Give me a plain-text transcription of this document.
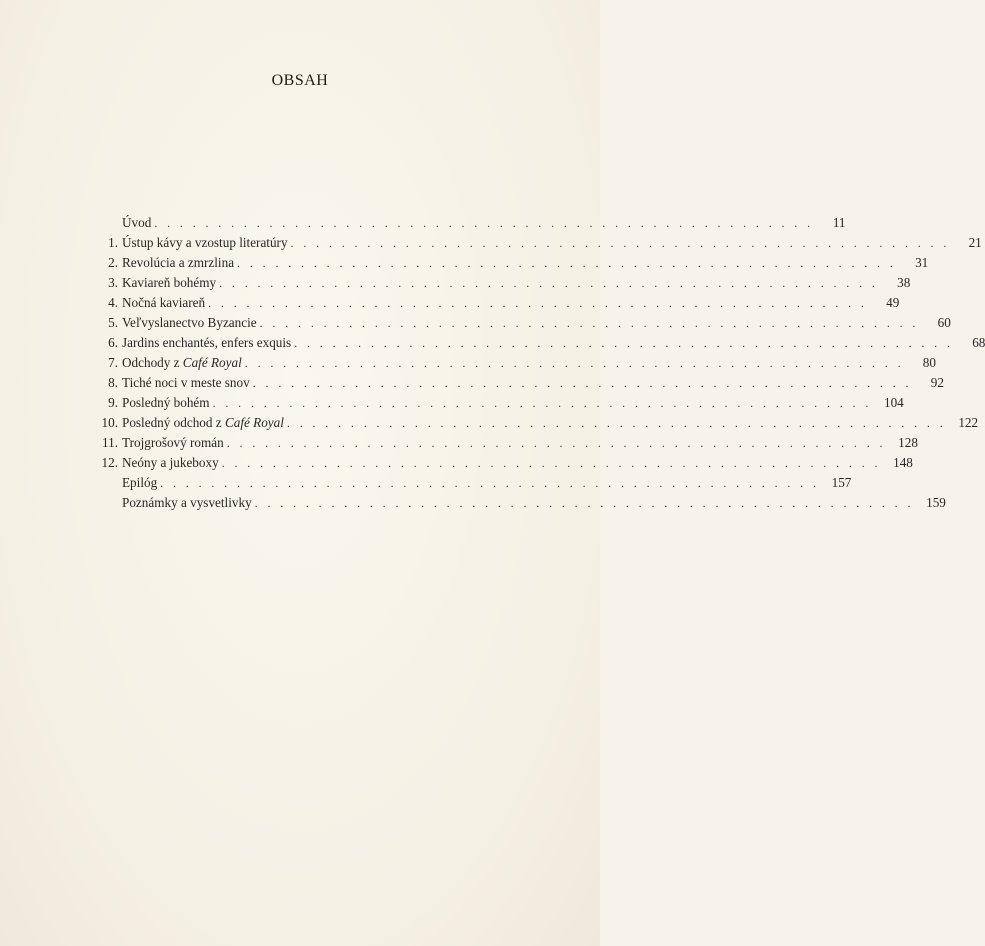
OBSAH
Úvod . . . . . . . . . . . . . . . . . . . . . . . . . . . . . . . . . . . . . . . . . . . . . . . . . . . .	11
1. Ústup kávy a vzostup literatúry . . . . . . . . . . . . . . . . . . . . . . . . . . . . . . . . . . . . . . . . . . . . . . . . . . . .	21
2. Revolúcia a zmrzlina . . . . . . . . . . . . . . . . . . . . . . . . . . . . . . . . . . . . . . . . . . . . . . . . . . . .	31
3. Kaviareň bohémy . . . . . . . . . . . . . . . . . . . . . . . . . . . . . . . . . . . . . . . . . . . . . . . . . . . .	38
4. Nočná kaviareň . . . . . . . . . . . . . . . . . . . . . . . . . . . . . . . . . . . . . . . . . . . . . . . . . . . .	49
5. Veľvyslanectvo Byzancie . . . . . . . . . . . . . . . . . . . . . . . . . . . . . . . . . . . . . . . . . . . . . . . . . . . .	60
6. Jardins enchantés, enfers exquis . . . . . . . . . . . . . . . . . . . . . . . . . . . . . . . . . . . . . . . . . . . . . . . . . . . .	68
7. Odchody z Café Royal . . . . . . . . . . . . . . . . . . . . . . . . . . . . . . . . . . . . . . . . . . . . . . . . . . . .	80
8. Tiché noci v meste snov . . . . . . . . . . . . . . . . . . . . . . . . . . . . . . . . . . . . . . . . . . . . . . . . . . . .	92
9. Posledný bohém . . . . . . . . . . . . . . . . . . . . . . . . . . . . . . . . . . . . . . . . . . . . . . . . . . . . 104
10. Posledný odchod z Café Royal . . . . . . . . . . . . . . . . . . . . . . . . . . . . . . . . . . . . . . . . . . . . . . . . . . . . 122
11. Trojgrošový román . . . . . . . . . . . . . . . . . . . . . . . . . . . . . . . . . . . . . . . . . . . . . . . . . . . . 128
12. Neóny a jukeboxy . . . . . . . . . . . . . . . . . . . . . . . . . . . . . . . . . . . . . . . . . . . . . . . . . . . . 148
Epilóg . . . . . . . . . . . . . . . . . . . . . . . . . . . . . . . . . . . . . . . . . . . . . . . . . . . . 157
Poznámky a vysvetlivky . . . . . . . . . . . . . . . . . . . . . . . . . . . . . . . . . . . . . . . . . . . . . . . . . . . . 159
